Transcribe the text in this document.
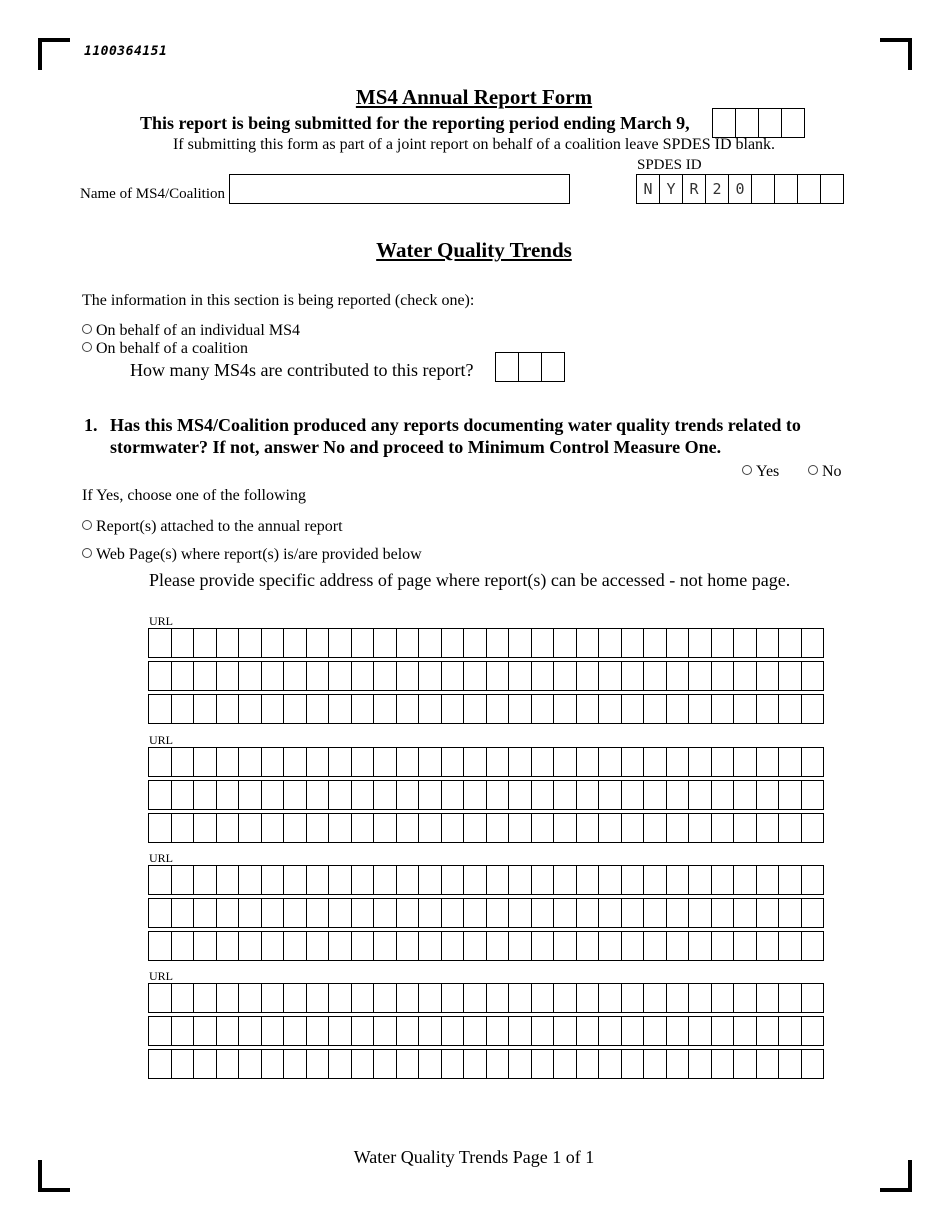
1100364151
MS4 Annual Report Form
This report is being submitted for the reporting period ending March 9,
If submitting this form as part of a joint report on behalf of a coalition leave SPDES ID blank.
Name of MS4/Coalition
SPDES ID
N Y R 2 0
Water Quality Trends
The information in this section is being reported (check one):
On behalf of an individual MS4
On behalf of a coalition
How many MS4s are contributed to this report?
1. Has this MS4/Coalition produced any reports documenting water quality trends related to stormwater? If not, answer No and proceed to Minimum Control Measure One.
Yes	No
If Yes, choose one of the following
Report(s) attached to the annual report
Web Page(s) where report(s) is/are provided below
Please provide specific address of page where report(s) can be accessed - not home page.
URL
URL
URL
URL
Water Quality Trends Page 1 of 1
